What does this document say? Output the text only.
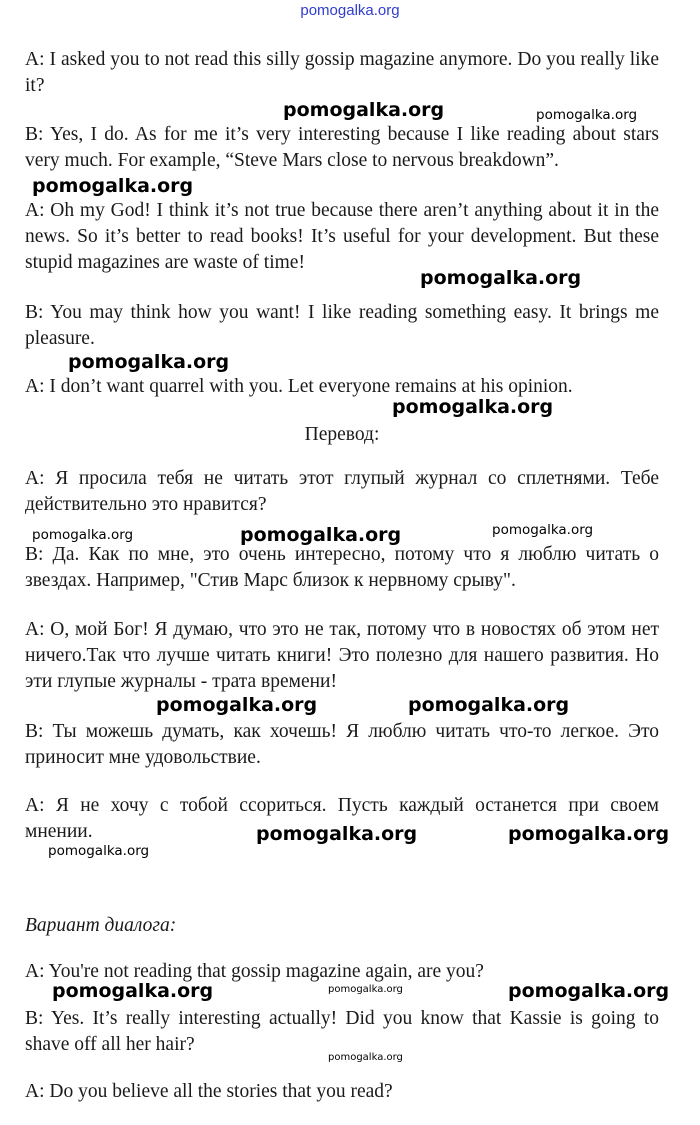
pomogalka.org

A: I asked you to not read this silly gossip magazine anymore. Do you really like it?

B: Yes, I do. As for me it’s very interesting because I like reading about stars very much. For example, “Steve Mars close to nervous breakdown”.

A: Oh my God! I think it’s not true because there aren’t anything about it in the news. So it’s better to read books! It’s useful for your development. But these stupid magazines are waste of time!

B: You may think how you want! I like reading something easy. It brings me pleasure.

A: I don’t want quarrel with you. Let everyone remains at his opinion.

Перевод:

А: Я просила тебя не читать этот глупый журнал со сплетнями. Тебе действительно это нравится?

В: Да. Как по мне, это очень интересно, потому что я люблю читать о звездах. Например, "Стив Марс близок к нервному срыву".

А: О, мой Бог! Я думаю, что это не так, потому что в новостях об этом нет ничего.Так что лучше читать книги! Это полезно для нашего развития. Но эти глупые журналы - трата времени!

В: Ты можешь думать, как хочешь! Я люблю читать что-то легкое. Это приносит мне удовольствие.

А: Я не хочу с тобой ссориться. Пусть каждый останется при своем мнении.

Вариант диалога:

A: You're not reading that gossip magazine again, are you?

B: Yes. It’s really interesting actually! Did you know that Kassie is going to shave off all her hair?

A: Do you believe all the stories that you read?

pomogalka.org	pomogalka.org
pomogalka.org
pomogalka.org
pomogalka.org
pomogalka.org
pomogalka.org	pomogalka.org	pomogalka.org
pomogalka.org	pomogalka.org
pomogalka.org	pomogalka.org
pomogalka.org
pomogalka.org	pomogalka.org	pomogalka.org
pomogalka.org
